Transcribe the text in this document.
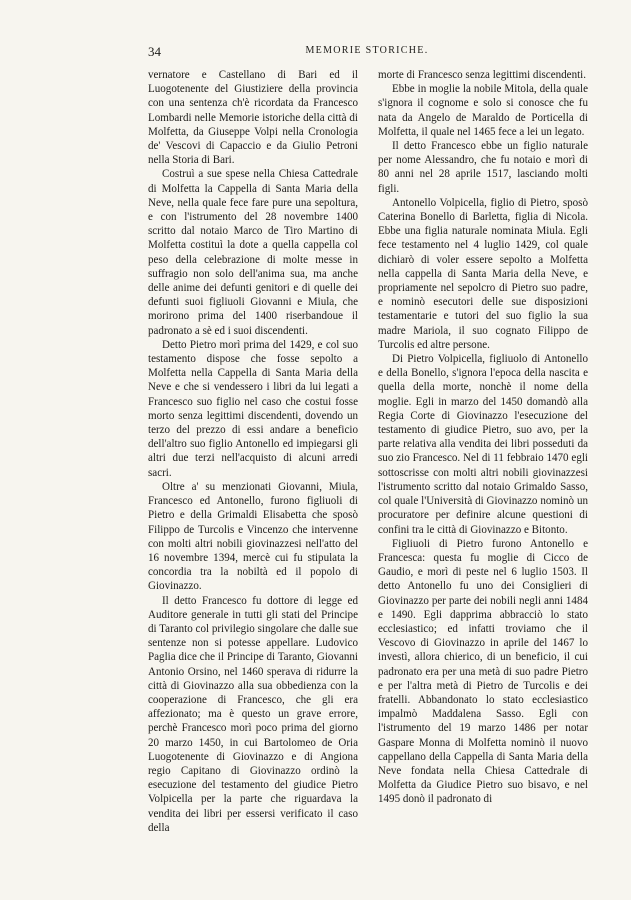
34	MEMORIE STORICHE.

vernatore e Castellano di Bari ed il Luogotenente del Giustiziere della provincia con una sentenza ch'è ricordata da Francesco Lombardi nelle Memorie istoriche della città di Molfetta, da Giuseppe Volpi nella Cronologia de' Vescovi di Capaccio e da Giulio Petroni nella Storia di Bari.

Costruì a sue spese nella Chiesa Cattedrale di Molfetta la Cappella di Santa Maria della Neve, nella quale fece fare pure una sepoltura, e con l'istrumento del 28 novembre 1400 scritto dal notaio Marco de Tiro Martino di Molfetta costituì la dote a quella cappella col peso della celebrazione di molte messe in suffragio non solo dell'anima sua, ma anche delle anime dei defunti genitori e di quelle dei defunti suoi figliuoli Giovanni e Miula, che morirono prima del 1400 riserbandoue il padronato a sè ed i suoi discendenti.

Detto Pietro morì prima del 1429, e col suo testamento dispose che fosse sepolto a Molfetta nella Cappella di Santa Maria della Neve e che si vendessero i libri da lui legati a Francesco suo figlio nel caso che costui fosse morto senza legittimi discendenti, dovendo un terzo del prezzo di essi andare a beneficio dell'altro suo figlio Antonello ed impiegarsi gli altri due terzi nell'acquisto di alcuni arredi sacri.

Oltre a' su menzionati Giovanni, Miula, Francesco ed Antonello, furono figliuoli di Pietro e della Grimaldi Elisabetta che sposò Filippo de Turcolis e Vincenzo che intervenne con molti altri nobili giovinazzesi nell'atto del 16 novembre 1394, mercè cui fu stipulata la concordia tra la nobiltà ed il popolo di Giovinazzo.

Il detto Francesco fu dottore di legge ed Auditore generale in tutti gli stati del Principe di Taranto col privilegio singolare che dalle sue sentenze non si potesse appellare. Ludovico Paglia dice che il Principe di Taranto, Giovanni Antonio Orsino, nel 1460 sperava di ridurre la città di Giovinazzo alla sua obbedienza con la cooperazione di Francesco, che gli era affezionato; ma è questo un grave errore, perchè Francesco morì poco prima del giorno 20 marzo 1450, in cui Bartolomeo de Oria Luogotenente di Giovinazzo e di Angiona regio Capitano di Giovinazzo ordinò la esecuzione del testamento del giudice Pietro Volpicella per la parte che riguardava la vendita dei libri per essersi verificato il caso della

morte di Francesco senza legittimi discendenti.

Ebbe in moglie la nobile Mitola, della quale s'ignora il cognome e solo si conosce che fu nata da Angelo de Maraldo de Porticella di Molfetta, il quale nel 1465 fece a lei un legato.

Il detto Francesco ebbe un figlio naturale per nome Alessandro, che fu notaio e morì di 80 anni nel 28 aprile 1517, lasciando molti figli.

Antonello Volpicella, figlio di Pietro, sposò Caterina Bonello di Barletta, figlia di Nicola. Ebbe una figlia naturale nominata Miula. Egli fece testamento nel 4 luglio 1429, col quale dichiarò di voler essere sepolto a Molfetta nella cappella di Santa Maria della Neve, e propriamente nel sepolcro di Pietro suo padre, e nominò esecutori delle sue disposizioni testamentarie e tutori del suo figlio la sua madre Mariola, il suo cognato Filippo de Turcolis ed altre persone.

Di Pietro Volpicella, figliuolo di Antonello e della Bonello, s'ignora l'epoca della nascita e quella della morte, nonchè il nome della moglie. Egli in marzo del 1450 domandò alla Regia Corte di Giovinazzo l'esecuzione del testamento di giudice Pietro, suo avo, per la parte relativa alla vendita dei libri posseduti da suo zio Francesco. Nel di 11 febbraio 1470 egli sottoscrisse con molti altri nobili giovinazzesi l'istrumento scritto dal notaio Grimaldo Sasso, col quale l'Università di Giovinazzo nominò un procuratore per definire alcune questioni di confini tra le città di Giovinazzo e Bitonto.

Figliuoli di Pietro furono Antonello e Francesca: questa fu moglie di Cicco de Gaudio, e morì di peste nel 6 luglio 1503. Il detto Antonello fu uno dei Consiglieri di Giovinazzo per parte dei nobili negli anni 1484 e 1490. Egli dapprima abbracciò lo stato ecclesiastico; ed infatti troviamo che il Vescovo di Giovinazzo in aprile del 1467 lo investì, allora chierico, di un beneficio, il cui padronato era per una metà di suo padre Pietro e per l'altra metà di Pietro de Turcolis e dei fratelli. Abbandonato lo stato ecclesiastico impalmò Maddalena Sasso. Egli con l'istrumento del 19 marzo 1486 per notar Gaspare Monna di Molfetta nominò il nuovo cappellano della Cappella di Santa Maria della Neve fondata nella Chiesa Cattedrale di Molfetta da Giudice Pietro suo bisavo, e nel 1495 donò il padronato di
